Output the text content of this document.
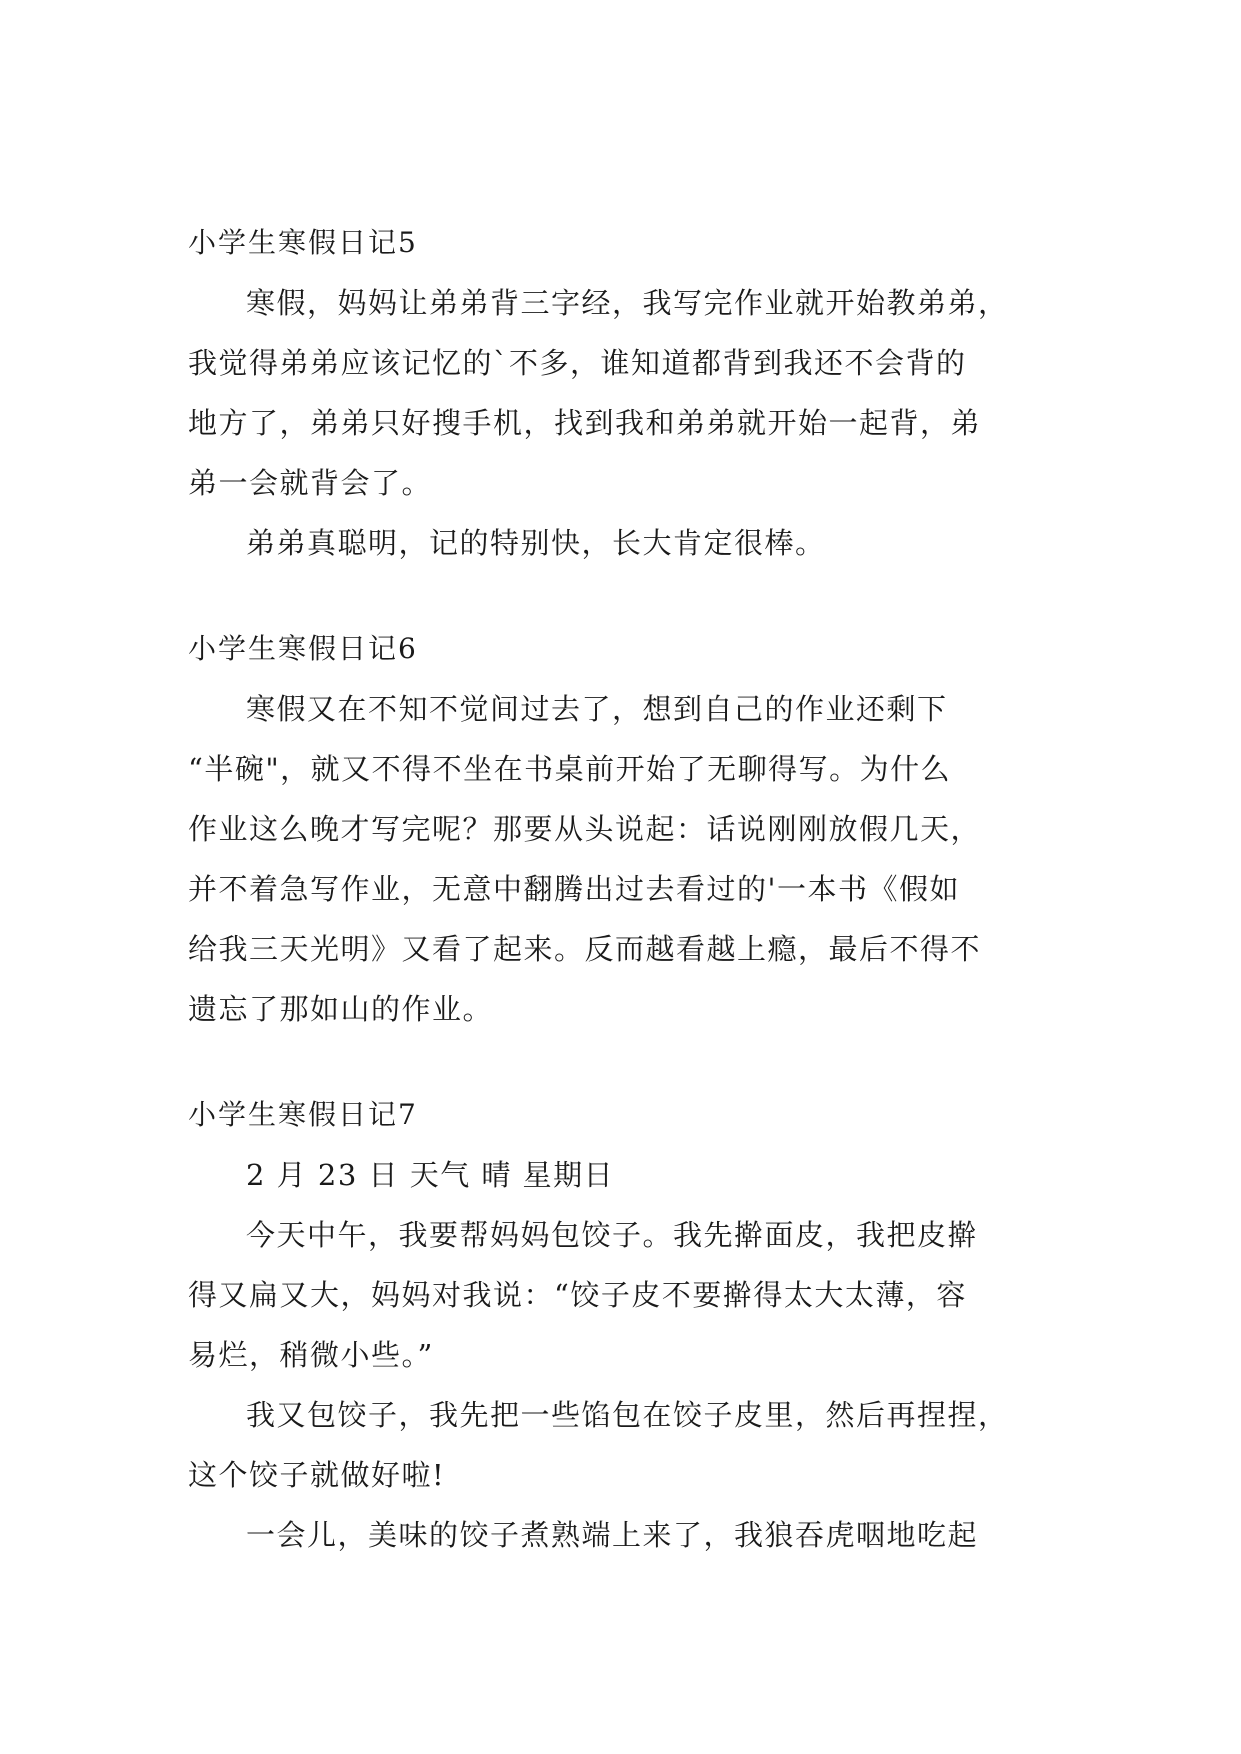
小学生寒假日记5

寒假，妈妈让弟弟背三字经，我写完作业就开始教弟弟，
我觉得弟弟应该记忆的`不多，谁知道都背到我还不会背的
地方了，弟弟只好搜手机，找到我和弟弟就开始一起背，弟
弟一会就背会了。

弟弟真聪明，记的特别快，长大肯定很棒。

小学生寒假日记6

寒假又在不知不觉间过去了，想到自己的作业还剩下
“半碗"，就又不得不坐在书桌前开始了无聊得写。为什么
作业这么晚才写完呢？那要从头说起：话说刚刚放假几天，
并不着急写作业，无意中翻腾出过去看过的'一本书《假如
给我三天光明》又看了起来。反而越看越上瘾，最后不得不
遗忘了那如山的作业。

小学生寒假日记7

2 月 23 日 天气 晴 星期日

今天中午，我要帮妈妈包饺子。我先擀面皮，我把皮擀
得又扁又大，妈妈对我说：“饺子皮不要擀得太大太薄，容
易烂，稍微小些。”

我又包饺子，我先把一些馅包在饺子皮里，然后再捏捏，
这个饺子就做好啦!

一会儿，美味的饺子煮熟端上来了，我狼吞虎咽地吃起
